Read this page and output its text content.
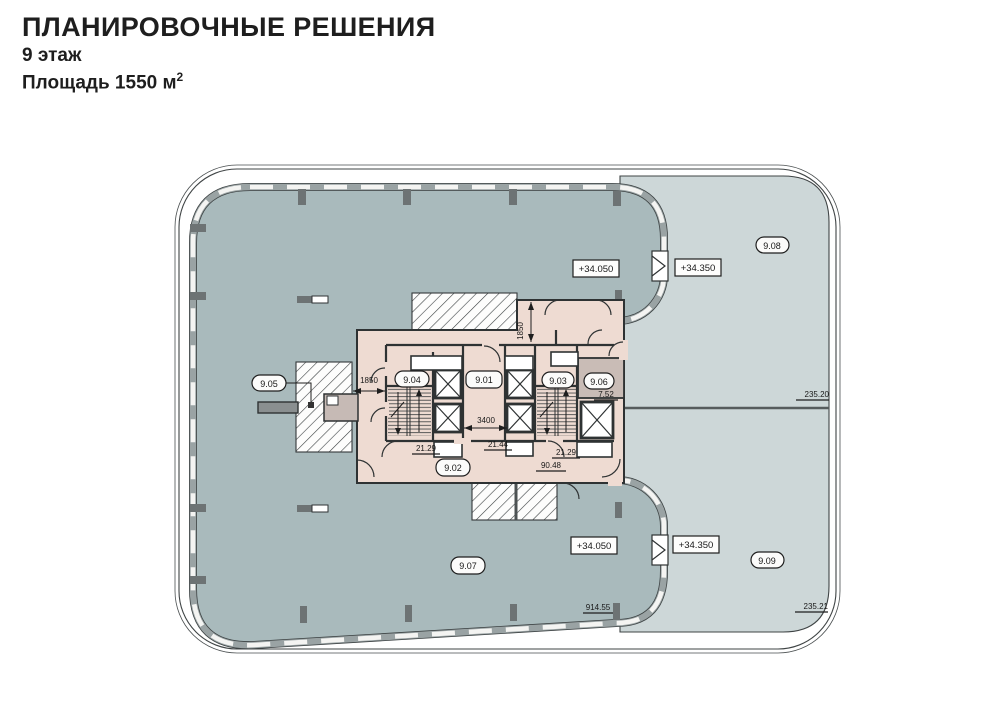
ПЛАНИРОВОЧНЫЕ РЕШЕНИЯ
9 этаж
Площадь 1550 $м^2$
9.04	9.01	9.03	9.06
9.02
9.05
9.07
9.08
9.09
+34.050	+34.350
+34.050	+34.350
1850
1850
3400
21.29	21.44
21.29
7.52
90.48
914.55
235.20
235.21
